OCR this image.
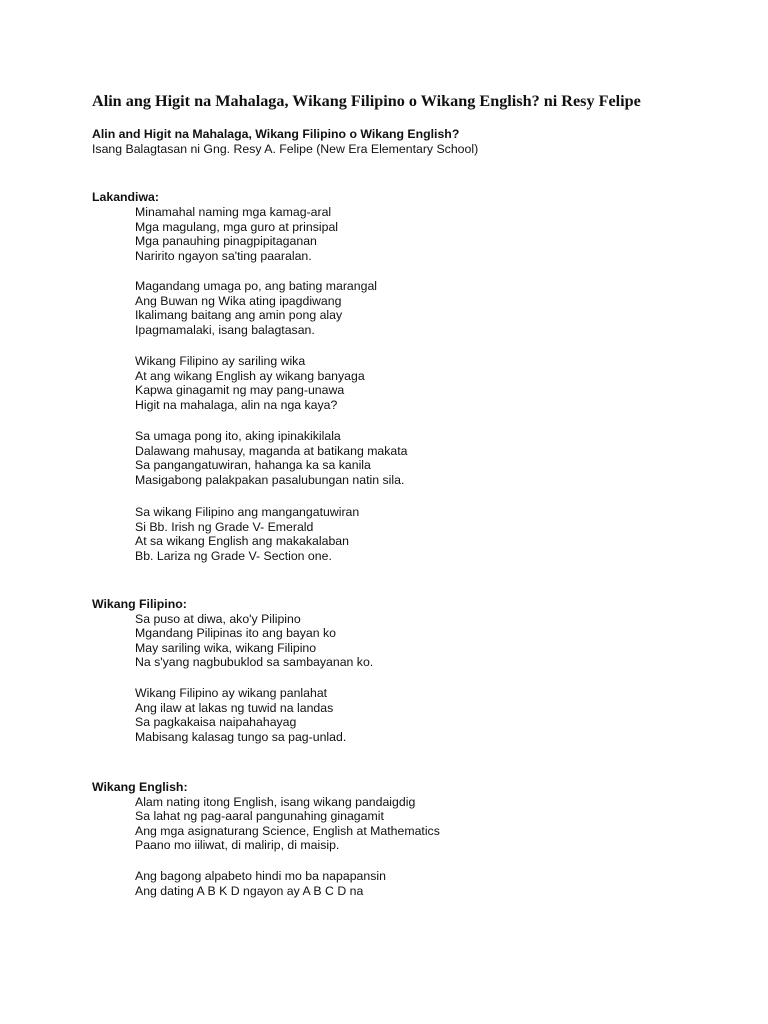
Alin ang Higit na Mahalaga, Wikang Filipino o Wikang English? ni Resy Felipe

Alin and Higit na Mahalaga, Wikang Filipino o Wikang English?

Isang Balagtasan ni Gng. Resy A. Felipe (New Era Elementary School)

Lakandiwa:

Minamahal naming mga kamag-aral

Mga magulang, mga guro at prinsipal

Mga panauhing pinagpipitaganan

Naririto ngayon sa'ting paaralan.

Magandang umaga po, ang bating marangal

Ang Buwan ng Wika ating ipagdiwang

Ikalimang baitang ang amin pong alay

Ipagmamalaki, isang balagtasan.

Wikang Filipino ay sariling wika

At ang wikang English ay wikang banyaga

Kapwa ginagamit ng may pang-unawa

Higit na mahalaga, alin na nga kaya?

Sa umaga pong ito, aking ipinakikilala

Dalawang mahusay, maganda at batikang makata

Sa pangangatuwiran, hahanga ka sa kanila

Masigabong palakpakan pasalubungan natin sila.

Sa wikang Filipino ang mangangatuwiran

Si Bb. Irish ng Grade V- Emerald

At sa wikang English ang makakalaban

Bb. Lariza ng Grade V- Section one.

Wikang Filipino:

Sa puso at diwa, ako'y Pilipino

Mgandang Pilipinas ito ang bayan ko

May sariling wika, wikang Filipino

Na s'yang nagbubuklod sa sambayanan ko.

Wikang Filipino ay wikang panlahat

Ang ilaw at lakas ng tuwid na landas

Sa pagkakaisa naipahahayag

Mabisang kalasag tungo sa pag-unlad.

Wikang English:

Alam nating itong English, isang wikang pandaigdig

Sa lahat ng pag-aaral pangunahing ginagamit

Ang mga asignaturang Science, English at Mathematics

Paano mo iiliwat, di malirip, di maisip.

Ang bagong alpabeto hindi mo ba napapansin

Ang dating A B K D ngayon ay A B C D na
